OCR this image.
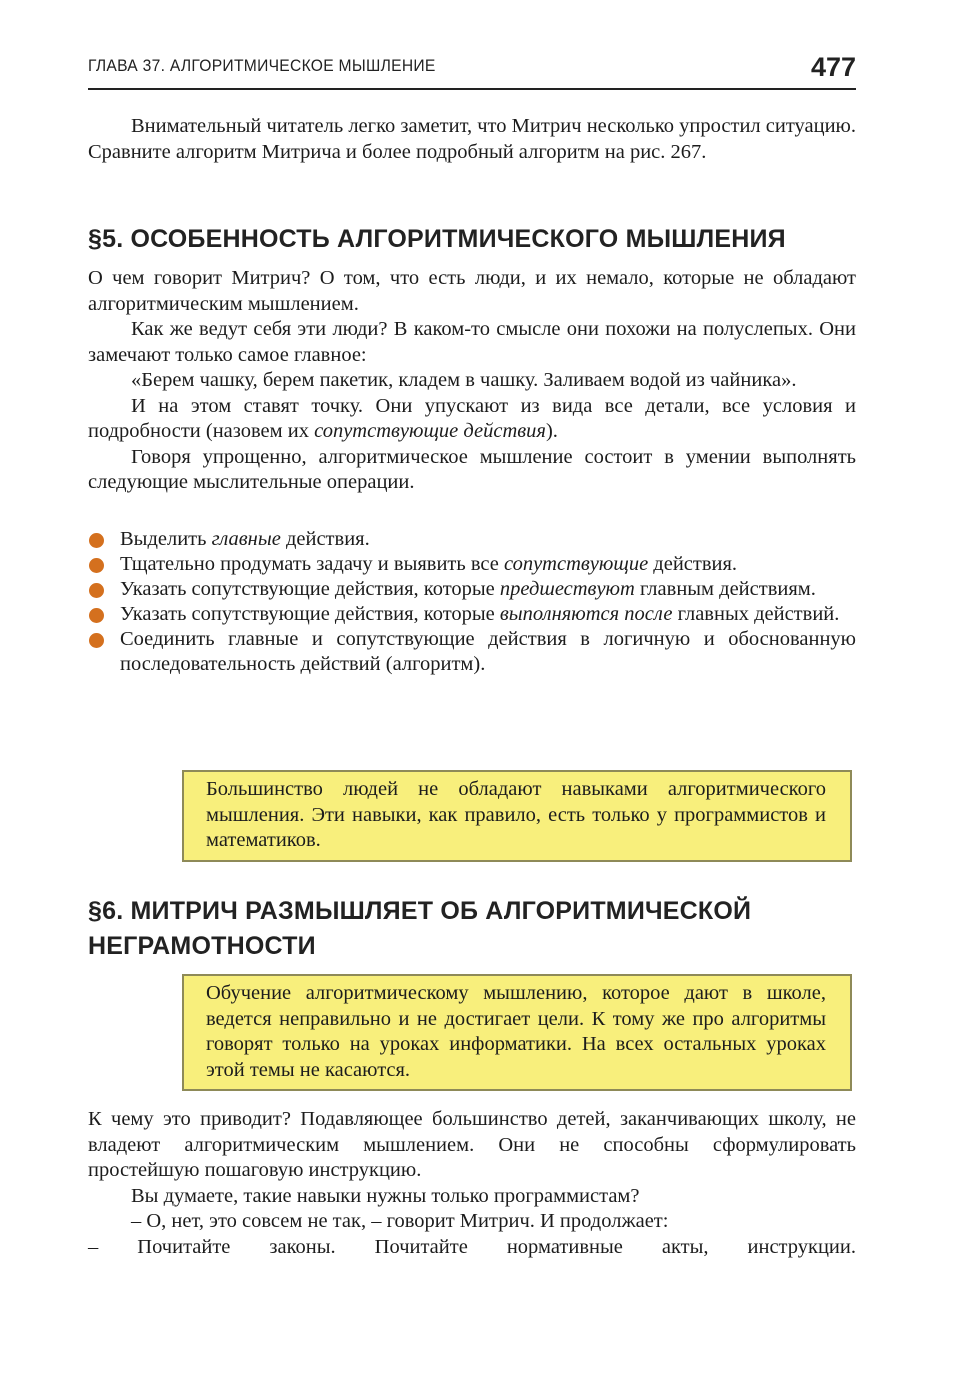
ГЛАВА 37. АЛГОРИТМИЧЕСКОЕ МЫШЛЕНИЕ	477

Внимательный читатель легко заметит, что Митрич несколько упростил ситуацию. Сравните алгоритм Митрича и более подробный алгоритм на рис. 267.

§5. ОСОБЕННОСТЬ АЛГОРИТМИЧЕСКОГО МЫШЛЕНИЯ

О чем говорит Митрич? О том, что есть люди, и их немало, которые не обладают алгоритмическим мышлением.

Как же ведут себя эти люди? В каком-то смысле они похожи на полуслепых. Они замечают только самое главное:

«Берем чашку, берем пакетик, кладем в чашку. Заливаем водой из чайника».

И на этом ставят точку. Они упускают из вида все детали, все условия и подробности (назовем их сопутствующие действия).

Говоря упрощенно, алгоритмическое мышление состоит в умении выполнять следующие мыслительные операции.

Выделить главные действия.
Тщательно продумать задачу и выявить все сопутствующие действия.
Указать сопутствующие действия, которые предшествуют главным действиям.
Указать сопутствующие действия, которые выполняются после главных действий.
Соединить главные и сопутствующие действия в логичную и обоснованную последовательность действий (алгоритм).

Большинство людей не обладают навыками алгоритмического мышления. Эти навыки, как правило, есть только у программистов и математиков.

§6. МИТРИЧ РАЗМЫШЛЯЕТ ОБ АЛГОРИТМИЧЕСКОЙ
НЕГРАМОТНОСТИ

Обучение алгоритмическому мышлению, которое дают в школе, ведется неправильно и не достигает цели. К тому же про алгоритмы говорят только на уроках информатики. На всех остальных уроках этой темы не касаются.

К чему это приводит? Подавляющее большинство детей, заканчивающих школу, не владеют алгоритмическим мышлением. Они не способны сформулировать простейшую пошаговую инструкцию.

Вы думаете, такие навыки нужны только программистам?

– О, нет, это совсем не так, – говорит Митрич. И продолжает:

– Почитайте законы. Почитайте нормативные акты, инструкции.
